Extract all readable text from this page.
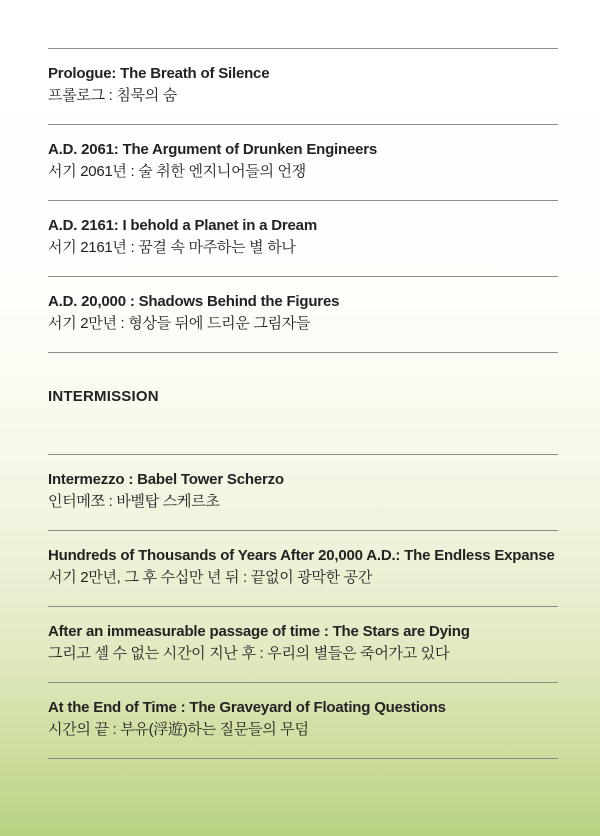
Prologue: The Breath of Silence

프롤로그 : 침묵의 숨

A.D. 2061: The Argument of Drunken Engineers

서기 2061년 : 술 취한 엔지니어들의 언쟁

A.D. 2161: I behold a Planet in a Dream

서기 2161년 : 꿈결 속 마주하는 별 하나

A.D. 20,000 : Shadows Behind the Figures

서기 2만년 : 형상들 뒤에 드리운 그림자들

INTERMISSION
Intermezzo : Babel Tower Scherzo

인터메쪼 : 바벨탑 스케르초

Hundreds of Thousands of Years After 20,000 A.D.: The Endless Expanse

서기 2만년, 그 후 수십만 년 뒤 : 끝없이 광막한 공간

After an immeasurable passage of time : The Stars are Dying

그리고 셀 수 없는 시간이 지난 후 : 우리의 별들은 죽어가고 있다

At the End of Time : The Graveyard of Floating Questions

시간의 끝 : 부유(浮遊)하는 질문들의 무덤
